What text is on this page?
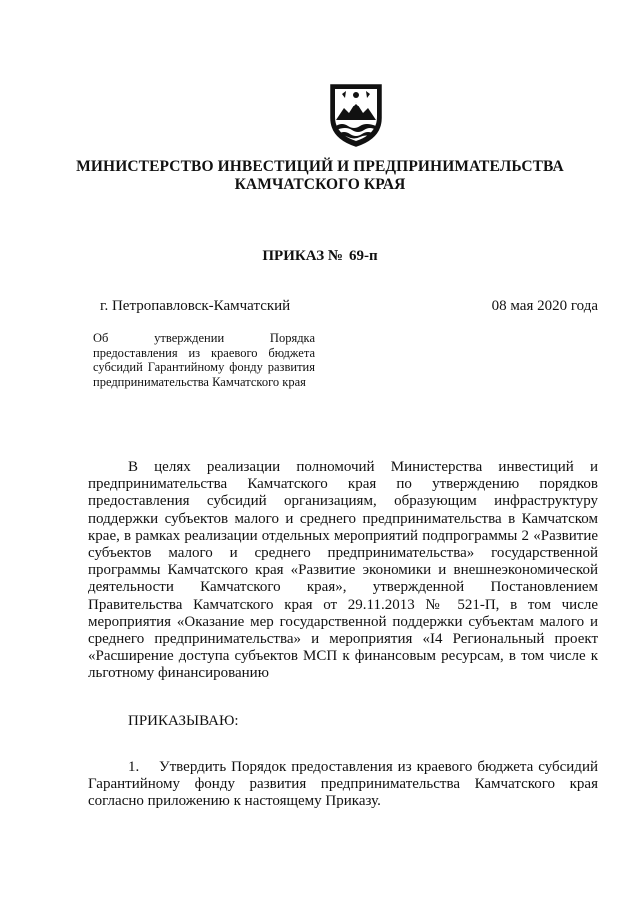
МИНИСТЕРСТВО ИНВЕСТИЦИЙ И ПРЕДПРИНИМАТЕЛЬСТВА
КАМЧАТСКОГО КРАЯ
ПРИКАЗ № 69-п
г. Петропавловск-Камчатский	08 мая 2020 года
Об утверждении Порядка предоставления из краевого бюджета субсидий Гарантийному фонду развития предпринимательства Камчатского края
В целях реализации полномочий Министерства инвестиций и предпринимательства Камчатского края по утверждению порядков предоставления субсидий организациям, образующим инфраструктуру поддержки субъектов малого и среднего предпринимательства в Камчатском крае, в рамках реализации отдельных мероприятий подпрограммы 2 «Развитие субъектов малого и среднего предпринимательства» государственной программы Камчатского края «Развитие экономики и внешнеэкономической деятельности Камчатского края», утвержденной Постановлением Правительства Камчатского края от 29.11.2013 № 521-П, в том числе мероприятия «Оказание мер государственной поддержки субъектам малого и среднего предпринимательства» и мероприятия «I4 Региональный проект «Расширение доступа субъектов МСП к финансовым ресурсам, в том числе к льготному финансированию
ПРИКАЗЫВАЮ:
1.    Утвердить Порядок предоставления из краевого бюджета субсидий Гарантийному фонду развития предпринимательства Камчатского края согласно приложению к настоящему Приказу.
